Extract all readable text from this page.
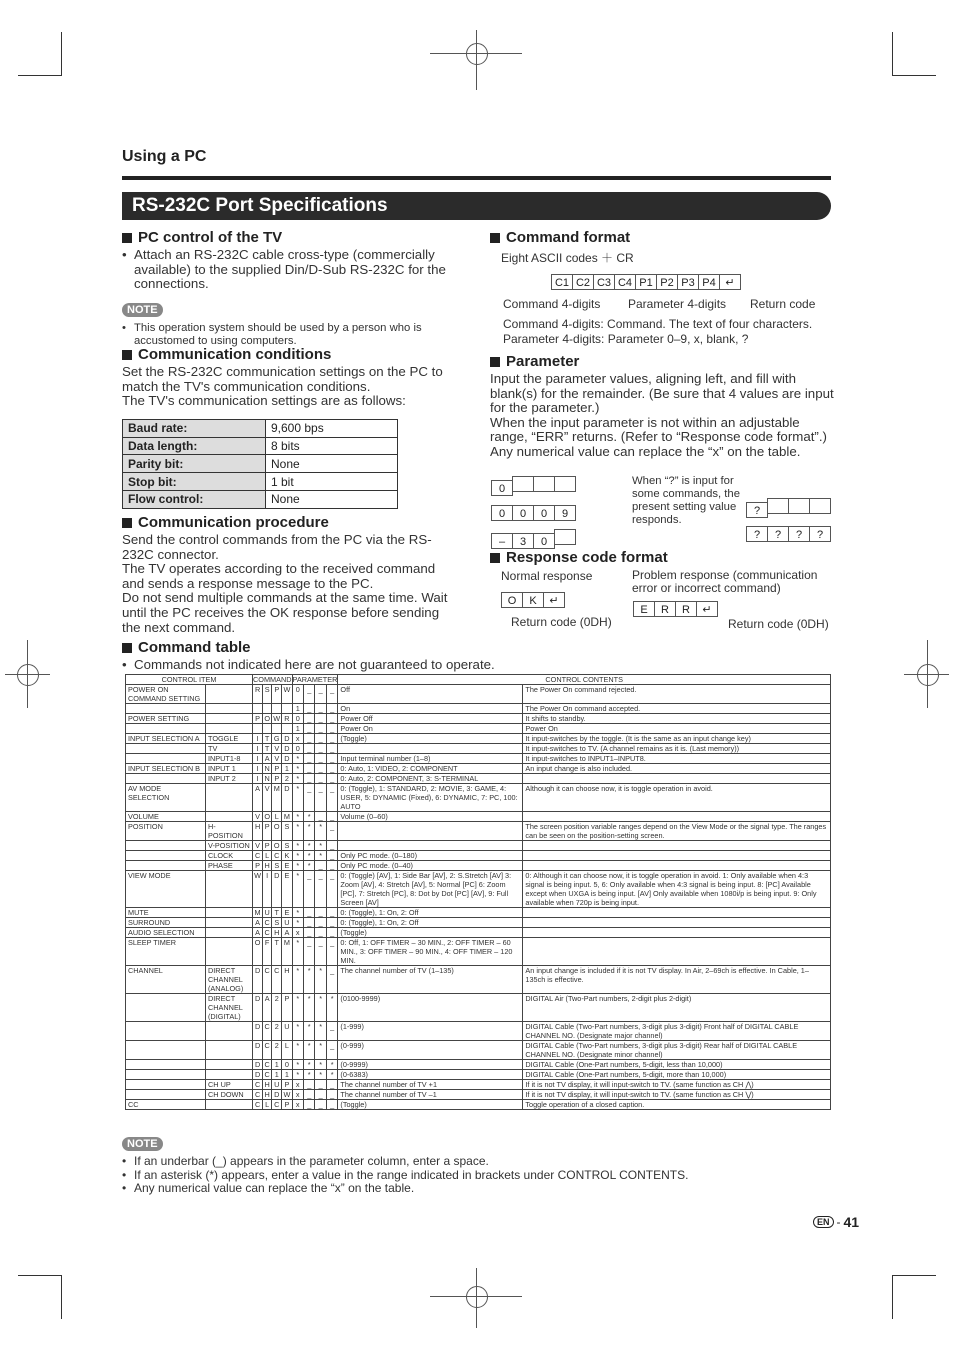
Using a PC
RS-232C Port Specifications
PC control of the TV
• Attach an RS-232C cable cross-type (commercially available) to the supplied Din/D-Sub RS-232C for the connections.
NOTE
• This operation system should be used by a person who is accustomed to using computers.
Communication conditions
Set the RS-232C communication settings on the PC to match the TV's communication conditions.
The TV's communication settings are as follows:
Baud rate:	9,600 bps
Data length:	8 bits
Parity bit:	None
Stop bit:	1 bit
Flow control:	None
Communication procedure
Send the control commands from the PC via the RS-232C connector.
The TV operates according to the received command and sends a response message to the PC.
Do not send multiple commands at the same time. Wait until the PC receives the OK response before sending the next command.
Command format
Eight ASCII codes ＋ CR
C1 C2 C3 C4 P1 P2 P3 P4 ↵
Command 4-digits Parameter 4-digits Return code
Command 4-digits: Command. The text of four characters.
Parameter 4-digits: Parameter 0–9, x, blank, ?
Parameter
Input the parameter values, aligning left, and fill with blank(s) for the remainder. (Be sure that 4 values are input for the parameter.)
When the input parameter is not within an adjustable range, “ERR” returns. (Refer to “Response code format”.)
Any numerical value can replace the “x” on the table.
0
0 0 0 9
– 3 0
When “?” is input for some commands, the present setting value responds.
?
? ? ? ?
Response code format
Normal response
O K ↵
Return code (0DH)
Problem response (communication error or incorrect command)
E R R ↵
Return code (0DH)
Command table
• Commands not indicated here are not guaranteed to operate.
CONTROL ITEM		COMMAND				PARAMETER				CONTROL CONTENTS	
POWER ON COMMAND SETTING		R	S	P	W	0	_	_	_	Off	The Power On command rejected.
						1	_	_	_	On	The Power On command accepted.
POWER SETTING		P	O	W	R	0	_	_	_	Power Off	It shifts to standby.
						1	_	_	_	Power On	Power On
INPUT SELECTION A	TOGGLE	I	T	G	D	x	_	_	_	(Toggle)	It input-switches by the toggle. (It is the same as an input change key)
	TV	I	T	V	D	0	_	_	_		It input-switches to TV. (A channel remains as it is. (Last memory))
	INPUT1-8	I	A	V	D	*	_	_	_	Input terminal number (1–8)	It input-switches to INPUT1–INPUT8.
INPUT SELECTION B	INPUT 1	I	N	P	1	*	_	_	_	0: Auto, 1: VIDEO, 2: COMPONENT	An input change is also included.
	INPUT 2	I	N	P	2	*	_	_	_	0: Auto, 2: COMPONENT, 3: S-TERMINAL	
AV MODE SELECTION		A	V	M	D	*	_	_	_	0: (Toggle), 1: STANDARD, 2: MOVIE, 3: GAME, 4: USER, 5: DYNAMIC (Fixed), 6: DYNAMIC, 7: PC, 100: AUTO	Although it can choose now, it is toggle operation in avoid.
VOLUME		V	O	L	M	*	*	_	_	Volume (0–60)	
POSITION	H-POSITION	H	P	O	S	*	*	*	_		The screen position variable ranges depend on the View Mode or the signal type. The ranges can be seen on the position-setting screen.
	V-POSITION	V	P	O	S	*	*	*	_		
	CLOCK	C	L	C	K	*	*	*	_	Only PC mode. (0–180)	
	PHASE	P	H	S	E	*	*	_	_	Only PC mode. (0–40)	
VIEW MODE		W	I	D	E	*	_	_	_	0: (Toggle) [AV], 1: Side Bar [AV], 2: S.Stretch [AV] 3: Zoom [AV], 4: Stretch [AV], 5: Normal [PC] 6: Zoom [PC], 7: Stretch [PC], 8: Dot by Dot [PC] [AV], 9: Full Screen [AV]	0: Although it can choose now, it is toggle operation in avoid. 1: Only available when 4:3 signal is being input. 5, 6: Only available when 4:3 signal is being input. 8: [PC] Available except when UXGA is being input. [AV] Only available when 1080i/p is being input. 9: Only available when 720p is being input.
MUTE		M	U	T	E	*	_	_	_	0: (Toggle), 1: On, 2: Off	
SURROUND		A	C	S	U	*	_	_	_	0: (Toggle), 1: On, 2: Off	
AUDIO SELECTION		A	C	H	A	x	_	_	_	(Toggle)	
SLEEP TIMER		O	F	T	M	*	_	_	_	0: Off, 1: OFF TIMER – 30 MIN., 2: OFF TIMER – 60 MIN., 3: OFF TIMER – 90 MIN., 4: OFF TIMER – 120 MIN.	
CHANNEL	DIRECT CHANNEL (ANALOG)	D	C	C	H	*	*	*	_	The channel number of TV (1–135)	An input change is included if it is not TV display. In Air, 2–69ch is effective. In Cable, 1–135ch is effective.
	DIRECT CHANNEL (DIGITAL)	D	A	2	P	*	*	*	*	(0100-9999)	DIGITAL Air (Two-Part numbers, 2-digit plus 2-digit)
		D	C	2	U	*	*	*	_	(1-999)	DIGITAL Cable (Two-Part numbers, 3-digit plus 3-digit) Front half of DIGITAL CABLE CHANNEL NO. (Designate major channel)
		D	C	2	L	*	*	*	_	(0-999)	DIGITAL Cable (Two-Part numbers, 3-digit plus 3-digit) Rear half of DIGITAL CABLE CHANNEL NO. (Designate minor channel)
		D	C	1	0	*	*	*	*	(0-9999)	DIGITAL Cable (One-Part numbers, 5-digit, less than 10,000)
		D	C	1	1	*	*	*	*	(0-6383)	DIGITAL Cable (One-Part numbers, 5-digit, more than 10,000)
	CH UP	C	H	U	P	x	_	_	_	The channel number of TV +1	If it is not TV display, it will input-switch to TV. (same function as CH ⋀)
	CH DOWN	C	H	D	W	x	_	_	_	The channel number of TV –1	If it is not TV display, it will input-switch to TV. (same function as CH ⋁)
CC		C	L	C	P	x	_	_	_	(Toggle)	Toggle operation of a closed caption.
NOTE
• If an underbar (_) appears in the parameter column, enter a space.
• If an asterisk (*) appears, enter a value in the range indicated in brackets under CONTROL CONTENTS.
• Any numerical value can replace the “x” on the table.
EN - 41
